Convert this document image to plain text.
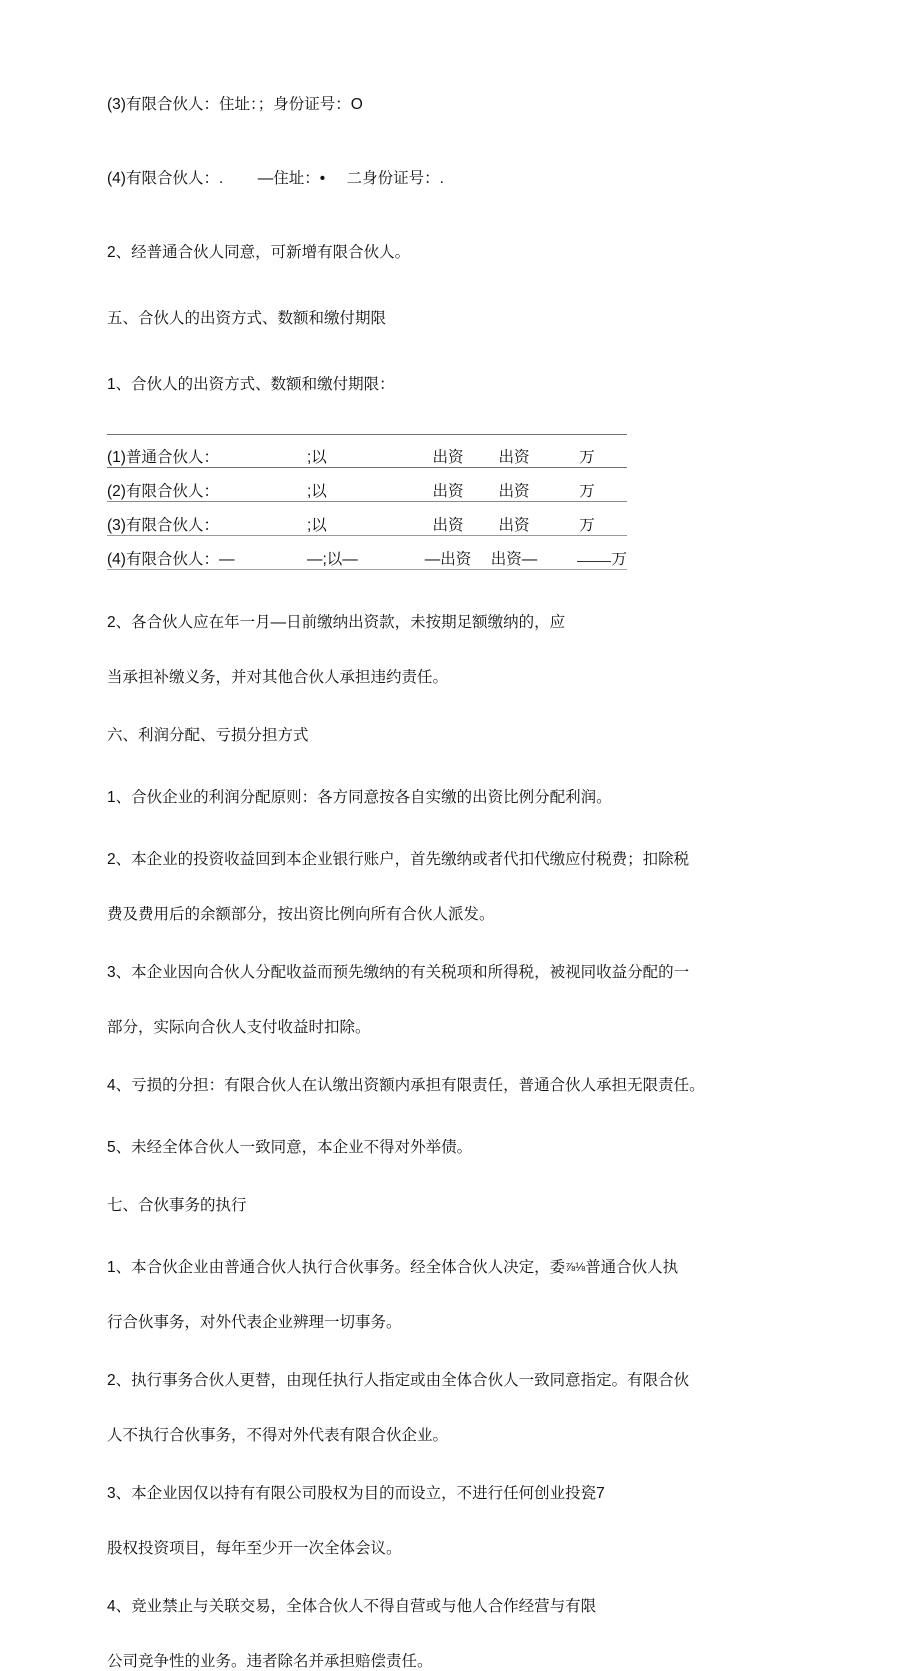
(3)有限合伙人：住址：；身份证号：O
(4)有限合伙人：.        —住址：•     二身份证号：.
2、经普通合伙人同意，可新增有限合伙人。
五、合伙人的出资方式、数额和缴付期限
1、合伙人的出资方式、数额和缴付期限：
(1)普通合伙人：	;以	出资	出资	万
(2)有限合伙人：	;以	出资	出资	万
(3)有限合伙人：	;以	出资	出资	万
(4)有限合伙人：—	—;以—	—出资	出资—	万
2、各合伙人应在年一月—日前缴纳出资款，未按期足额缴纳的，应
当承担补缴义务，并对其他合伙人承担违约责任。
六、利润分配、亏损分担方式
1、合伙企业的利润分配原则：各方同意按各自实缴的出资比例分配利润。
2、本企业的投资收益回到本企业银行账户，首先缴纳或者代扣代缴应付税费；扣除税
费及费用后的余额部分，按出资比例向所有合伙人派发。
3、本企业因向合伙人分配收益而预先缴纳的有关税项和所得税，被视同收益分配的一
部分，实际向合伙人支付收益时扣除。
4、亏损的分担：有限合伙人在认缴出资额内承担有限责任，普通合伙人承担无限责任。
5、未经全体合伙人一致同意，本企业不得对外举债。
七、合伙事务的执行
1、本合伙企业由普通合伙人执行合伙事务。经全体合伙人决定，委⅞⅛普通合伙人执
行合伙事务，对外代表企业辨理一切事务。
2、执行事务合伙人更替，由现任执行人指定或由全体合伙人一致同意指定。有限合伙
人不执行合伙事务，不得对外代表有限合伙企业。
3、本企业因仅以持有有限公司股权为目的而设立，不进行任何创业投瓷7
股权投资项目，每年至少开一次全体会议。
4、竞业禁止与关联交易，全体合伙人不得自营或与他人合作经营与有限
公司竞争性的业务。违者除名并承担赔偿责任。
